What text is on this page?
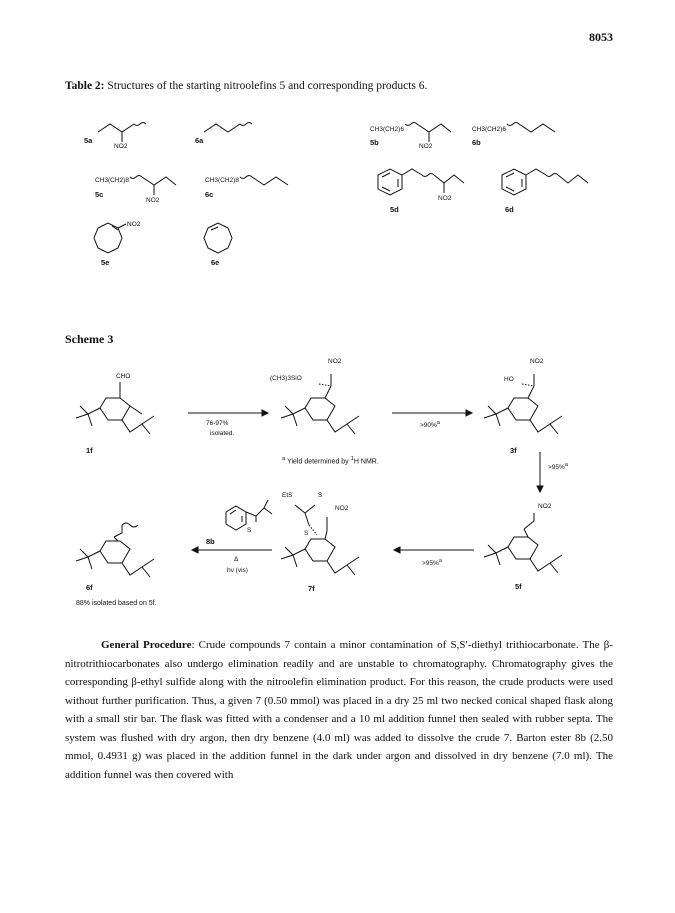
8053
Table 2: Structures of the starting nitroolefins 5 and corresponding products 6.
5a
NO2
6a
CH3(CH2)6
5b	NO2
CH3(CH2)6
6b
CH3(CH2)8
5c
NO2
CH3(CH2)8
6c	NO2
5d	6d
NO2
5e	6e
Scheme 3
CHO
1f
76-97%
isolated.
NO2
(CH3)3SiO
>90%$^a$
NO2
HO
3f
$^a$ Yield determined by $^1$H NMR.
>95%$^a$
NO2
5f
>95%$^a$
EtS	S
S
NO2
7f
S
8b
Δ
hν (vis)
6f
88% isolated based on 5f.

General Procedure: Crude compounds 7 contain a minor contamination of S,S′-diethyl trithiocarbonate. The β-nitrotrithiocarbonates also undergo elimination readily and are unstable to chromatography. Chromatography gives the corresponding β-ethyl sulfide along with the nitroolefin elimination product. For this reason, the crude products were used without further purification. Thus, a given 7 (0.50 mmol) was placed in a dry 25 ml two necked conical shaped flask along with a small stir bar. The flask was fitted with a condenser and a 10 ml addition funnel then sealed with rubber septa. The system was flushed with dry argon, then dry benzene (4.0 ml) was added to dissolve the crude 7. Barton ester 8b (2.50 mmol, 0.4931 g) was placed in the addition funnel in the dark under argon and dissolved in dry benzene (7.0 ml). The addition funnel was then covered with
